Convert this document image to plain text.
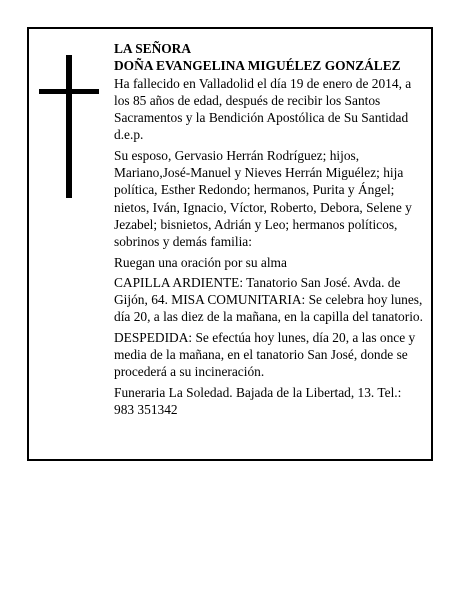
LA SEÑORA

DOÑA EVANGELINA MIGUÉLEZ GONZÁLEZ

Ha fallecido en Valladolid el día 19 de enero de 2014, a los 85 años de edad, después de recibir los Santos Sacramentos y la Bendición Apostólica de Su Santidad d.e.p.

Su esposo, Gervasio Herrán Rodríguez; hijos, Mariano,José-Manuel y Nieves Herrán Miguélez; hija política, Esther Redondo; hermanos, Purita y Ángel; nietos, Iván, Ignacio, Víctor, Roberto, Debora, Selene y Jezabel; bisnietos, Adrián y Leo; hermanos políticos, sobrinos y demás familia:

Ruegan una oración por su alma

CAPILLA ARDIENTE: Tanatorio San José. Avda. de Gijón, 64. MISA COMUNITARIA: Se celebra hoy lunes, día 20, a las diez de la mañana, en la capilla del tanatorio.

DESPEDIDA: Se efectúa hoy lunes, día 20, a las once y media de la mañana, en el tanatorio San José, donde se procederá a su incineración.

Funeraria La Soledad. Bajada de la Libertad, 13. Tel.: 983 351342
